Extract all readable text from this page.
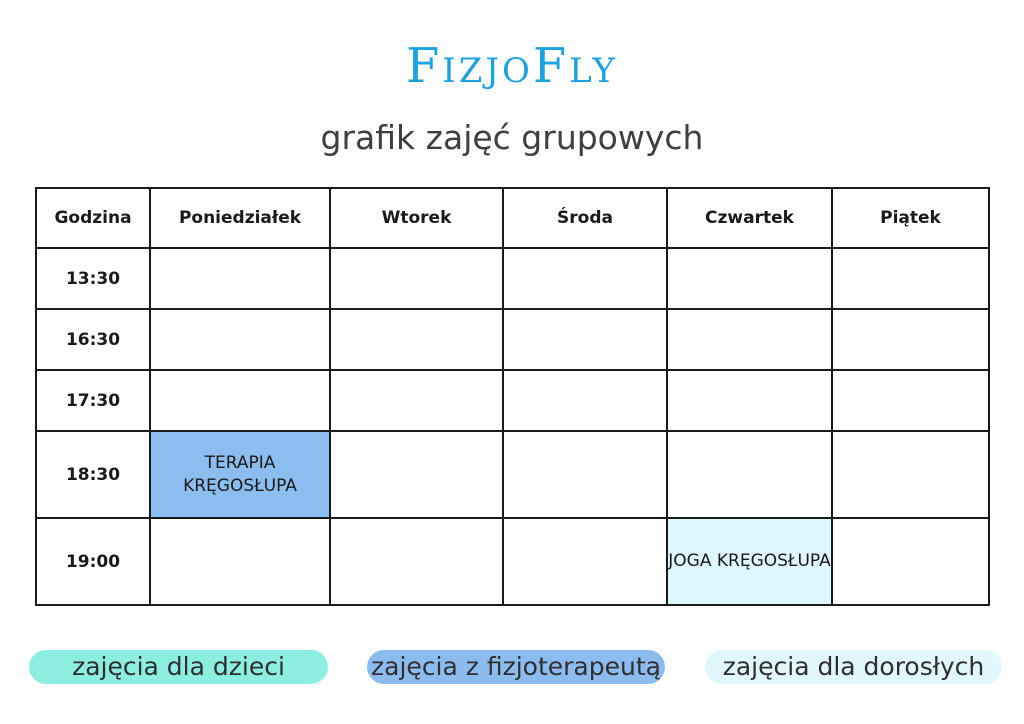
FizjoFly
grafik zajęć grupowych
Godzina	Poniedziałek	Wtorek	Środa	Czwartek	Piątek
13:30					
16:30					
17:30					
18:30	TERAPIA KRĘGOSŁUPA				
19:00				JOGA KRĘGOSŁUPA	
zajęcia dla dzieci	zajęcia z fizjoterapeutą	zajęcia dla dorosłych
